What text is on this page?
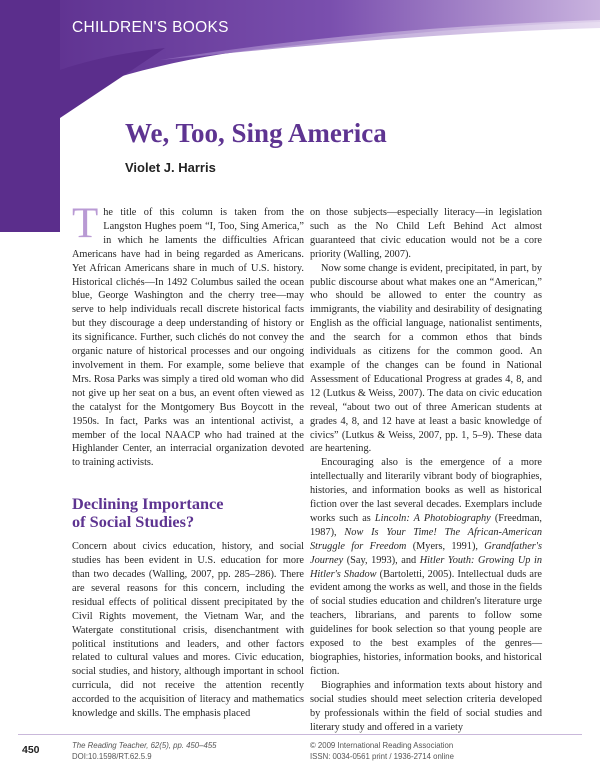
CHILDREN'S BOOKS
We, Too, Sing America
Violet J. Harris

The title of this column is taken from the Langston Hughes poem “I, Too, Sing America,” in which he laments the difficulties African Americans have had in being regarded as Americans. Yet African Americans share in much of U.S. history. Historical clichés—In 1492 Columbus sailed the ocean blue, George Washington and the cherry tree—may serve to help individuals recall discrete historical facts but they discourage a deep understanding of history or its significance. Further, such clichés do not convey the organic nature of historical processes and our ongoing involvement in them. For example, some believe that Mrs. Rosa Parks was simply a tired old woman who did not give up her seat on a bus, an event often viewed as the catalyst for the Montgomery Bus Boycott in the 1950s. In fact, Parks was an intentional activist, a member of the local NAACP who had trained at the Highlander Center, an interracial organization devoted to training activists.

Declining Importance
of Social Studies?

Concern about civics education, history, and social studies has been evident in U.S. education for more than two decades (Walling, 2007, pp. 285–286). There are several reasons for this concern, including the residual effects of political dissent precipitated by the Civil Rights movement, the Vietnam War, and the Watergate constitutional crisis, disenchantment with political institutions and leaders, and other factors related to cultural values and mores. Civic education, social studies, and history, although important in school curricula, did not receive the attention recently accorded to the acquisition of literacy and mathematics knowledge and skills. The emphasis placed

on those subjects—especially literacy—in legislation such as the No Child Left Behind Act almost guaranteed that civic education would not be a core priority (Walling, 2007).

Now some change is evident, precipitated, in part, by public discourse about what makes one an “American,” who should be allowed to enter the country as immigrants, the viability and desirability of designating English as the official language, nationalist sentiments, and the search for a common ethos that binds individuals as citizens for the common good. An example of the changes can be found in National Assessment of Educational Progress at grades 4, 8, and 12 (Lutkus & Weiss, 2007). The data on civic education reveal, “about two out of three American students at grades 4, 8, and 12 have at least a basic knowledge of civics” (Lutkus & Weiss, 2007, pp. 1, 5–9). These data are heartening.

Encouraging also is the emergence of a more intellectually and literarily vibrant body of biographies, histories, and information books as well as historical fiction over the last several decades. Exemplars include works such as Lincoln: A Photobiography (Freedman, 1987), Now Is Your Time! The African-American Struggle for Freedom (Myers, 1991), Grandfather's Journey (Say, 1993), and Hitler Youth: Growing Up in Hitler's Shadow (Bartoletti, 2005). Intellectual duds are evident among the works as well, and those in the fields of social studies education and children's literature urge teachers, librarians, and parents to follow some guidelines for book selection so that young people are exposed to the best examples of the genres—biographies, histories, information books, and historical fiction.

Biographies and information texts about history and social studies should meet selection criteria developed by professionals within the field of social studies and literary study and offered in a variety

450	The Reading Teacher, 62(5), pp. 450–455
DOI:10.1598/RT.62.5.9
© 2009 International Reading Association
ISSN: 0034-0561 print / 1936-2714 online
